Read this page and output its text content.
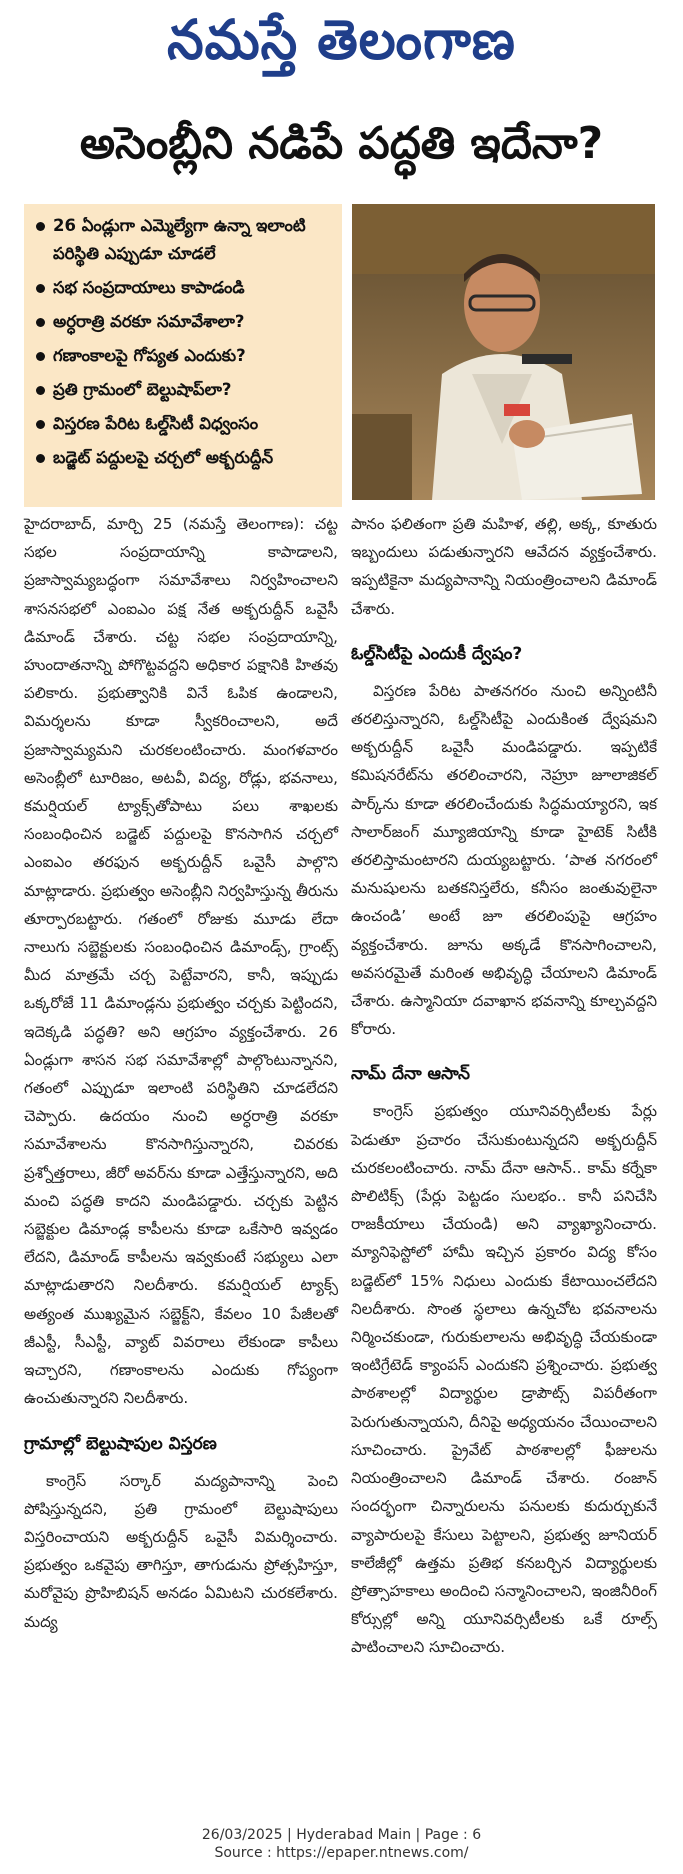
నమస్తే తెలంగాణ
అసెంబ్లీని నడిపే పద్ధతి ఇదేనా?
26 ఏండ్లుగా ఎమ్మెల్యేగా ఉన్నా ఇలాంటి పరిస్థితి ఎప్పుడూ చూడలే
సభ సంప్రదాయాలు కాపాడండి
అర్ధరాత్రి వరకూ సమావేశాలా?
గణాంకాలపై గోప్యత ఎందుకు?
ప్రతి గ్రామంలో బెల్టుషాప్‌లా?
విస్తరణ పేరిట ఓల్డ్‌సిటీ విధ్వంసం
బడ్జెట్ పద్దులపై చర్చలో అక్బరుద్దీన్

హైదరాబాద్, మార్చి 25 (నమస్తే తెలంగాణ): చట్ట సభల సంప్రదాయాన్ని కాపాడాలని, ప్రజాస్వామ్యబద్ధంగా సమావేశాలు నిర్వహించాలని శాసనసభలో ఎంఐఎం పక్ష నేత అక్బరుద్దీన్ ఒవైసీ డిమాండ్ చేశారు. చట్ట సభల సంప్రదాయాన్ని, హుందాతనాన్ని పోగొట్టవద్దని అధికార పక్షానికి హితవు పలికారు. ప్రభుత్వానికి వినే ఓపిక ఉండాలని, విమర్శలను కూడా స్వీకరించాలని, అదే ప్రజాస్వామ్యమని చురకలంటించారు. మంగళవారం అసెంబ్లీలో టూరిజం, అటవీ, విద్య, రోడ్లు, భవనాలు, కమర్షియల్ ట్యాక్స్‌తోపాటు పలు శాఖలకు సంబంధించిన బడ్జెట్ పద్దులపై కొనసాగిన చర్చలో ఎంఐఎం తరఫున అక్బరుద్దీన్ ఒవైసీ పాల్గొని మాట్లాడారు. ప్రభుత్వం అసెంబ్లీని నిర్వహిస్తున్న తీరును తూర్పారబట్టారు. గతంలో రోజుకు మూడు లేదా నాలుగు సబ్జెక్టులకు సంబంధించిన డిమాండ్స్, గ్రాంట్స్ మీద మాత్రమే చర్చ పెట్టేవారని, కానీ, ఇప్పుడు ఒక్కరోజే 11 డిమాండ్లను ప్రభుత్వం చర్చకు పెట్టిందని, ఇదెక్కడి పద్ధతి? అని ఆగ్రహం వ్యక్తంచేశారు. 26 ఏండ్లుగా శాసన సభ సమావేశాల్లో పాల్గొంటున్నానని, గతంలో ఎప్పుడూ ఇలాంటి పరిస్థితిని చూడలేదని చెప్పారు. ఉదయం నుంచి అర్ధరాత్రి వరకూ సమావేశాలను కొనసాగిస్తున్నారని, చివరకు ప్రశ్నోత్తరాలు, జీరో అవర్‌ను కూడా ఎత్తేస్తున్నారని, అది మంచి పద్ధతి కాదని మండిపడ్డారు. చర్చకు పెట్టిన సబ్జెక్టుల డిమాండ్ల కాపీలను కూడా ఒకేసారి ఇవ్వడం లేదని, డిమాండ్ కాపీలను ఇవ్వకుంటే సభ్యులు ఎలా మాట్లాడుతారని నిలదీశారు. కమర్షియల్ ట్యాక్స్ అత్యంత ముఖ్యమైన సబ్జెక్ట్‌ని, కేవలం 10 పేజీలతో జీఎస్టీ, సీఎస్టీ, వ్యాట్ వివరాలు లేకుండా కాపీలు ఇచ్చారని, గణాంకాలను ఎందుకు గోప్యంగా ఉంచుతున్నారని నిలదీశారు.

గ్రామాల్లో బెల్టుషాపుల విస్తరణ

కాంగ్రెస్ సర్కార్ మద్యపానాన్ని పెంచి పోషిస్తున్నదని, ప్రతి గ్రామంలో బెల్టుషాపులు విస్తరించాయని అక్బరుద్దీన్ ఒవైసీ విమర్శించారు. ప్రభుత్వం ఒకవైపు తాగిస్తూ, తాగుడును ప్రోత్సహిస్తూ, మరోవైపు ప్రొహిబిషన్ అనడం ఏమిటని చురకలేశారు. మద్య

పానం ఫలితంగా ప్రతి మహిళ, తల్లి, అక్క, కూతురు ఇబ్బందులు పడుతున్నారని ఆవేదన వ్యక్తంచేశారు. ఇప్పటికైనా మద్యపానాన్ని నియంత్రించాలని డిమాండ్ చేశారు.

ఓల్డ్‌సిటీపై ఎందుకీ ద్వేషం?

విస్తరణ పేరిట పాతనగరం నుంచి అన్నింటినీ తరలిస్తున్నారని, ఓల్డ్‌సిటీపై ఎందుకింత ద్వేషమని అక్బరుద్దీన్ ఒవైసీ మండిపడ్డారు. ఇప్పటికే కమిషనరేట్‌ను తరలించారని, నెహ్రూ జూలాజికల్ పార్క్‌ను కూడా తరలించేందుకు సిద్ధమయ్యారని, ఇక సాలార్‌జంగ్ మ్యూజియాన్ని కూడా హైటెక్ సిటీకి తరలిస్తామంటారని దుయ్యబట్టారు. ‘పాత నగరంలో మనుషులను బతకనిస్తలేరు, కనీసం జంతువులైనా ఉంచండి’ అంటే జూ తరలింపుపై ఆగ్రహం వ్యక్తంచేశారు. జూను అక్కడే కొనసాగించాలని, అవసరమైతే మరింత అభివృద్ధి చేయాలని డిమాండ్ చేశారు. ఉస్మానియా దవాఖాన భవనాన్ని కూల్చవద్దని కోరారు.

నామ్ దేనా ఆసాన్

కాంగ్రెస్ ప్రభుత్వం యూనివర్సిటీలకు పేర్లు పెడుతూ ప్రచారం చేసుకుంటున్నదని అక్బరుద్దీన్ చురకలంటించారు. నామ్ దేనా ఆసాన్.. కామ్ కర్నేకా పొలిటిక్స్ (పేర్లు పెట్టడం సులభం.. కానీ పనిచేసి రాజకీయాలు చేయండి) అని వ్యాఖ్యానించారు. మ్యానిఫెస్టోలో హామీ ఇచ్చిన ప్రకారం విద్య కోసం బడ్జెట్‌లో 15% నిధులు ఎందుకు కేటాయించలేదని నిలదీశారు. సొంత స్థలాలు ఉన్నచోట భవనాలను నిర్మించకుండా, గురుకులాలను అభివృద్ధి చేయకుండా ఇంటిగ్రేటెడ్ క్యాంపస్ ఎందుకని ప్రశ్నించారు. ప్రభుత్వ పాఠశాలల్లో విద్యార్థుల డ్రాపౌట్స్ విపరీతంగా పెరుగుతున్నాయని, దీనిపై అధ్యయనం చేయించాలని సూచించారు. ప్రైవేట్ పాఠశాలల్లో ఫీజులను నియంత్రించాలని డిమాండ్ చేశారు. రంజాన్ సందర్భంగా చిన్నారులను పనులకు కుదుర్చుకునే వ్యాపారులపై కేసులు పెట్టాలని, ప్రభుత్వ జూనియర్ కాలేజీల్లో ఉత్తమ ప్రతిభ కనబర్చిన విద్యార్థులకు ప్రోత్సాహకాలు అందించి సన్మానించాలని, ఇంజినీరింగ్ కోర్సుల్లో అన్ని యూనివర్సిటీలకు ఒకే రూల్స్ పాటించాలని సూచించారు.

26/03/2025 | Hyderabad Main | Page : 6
Source : https://epaper.ntnews.com/
